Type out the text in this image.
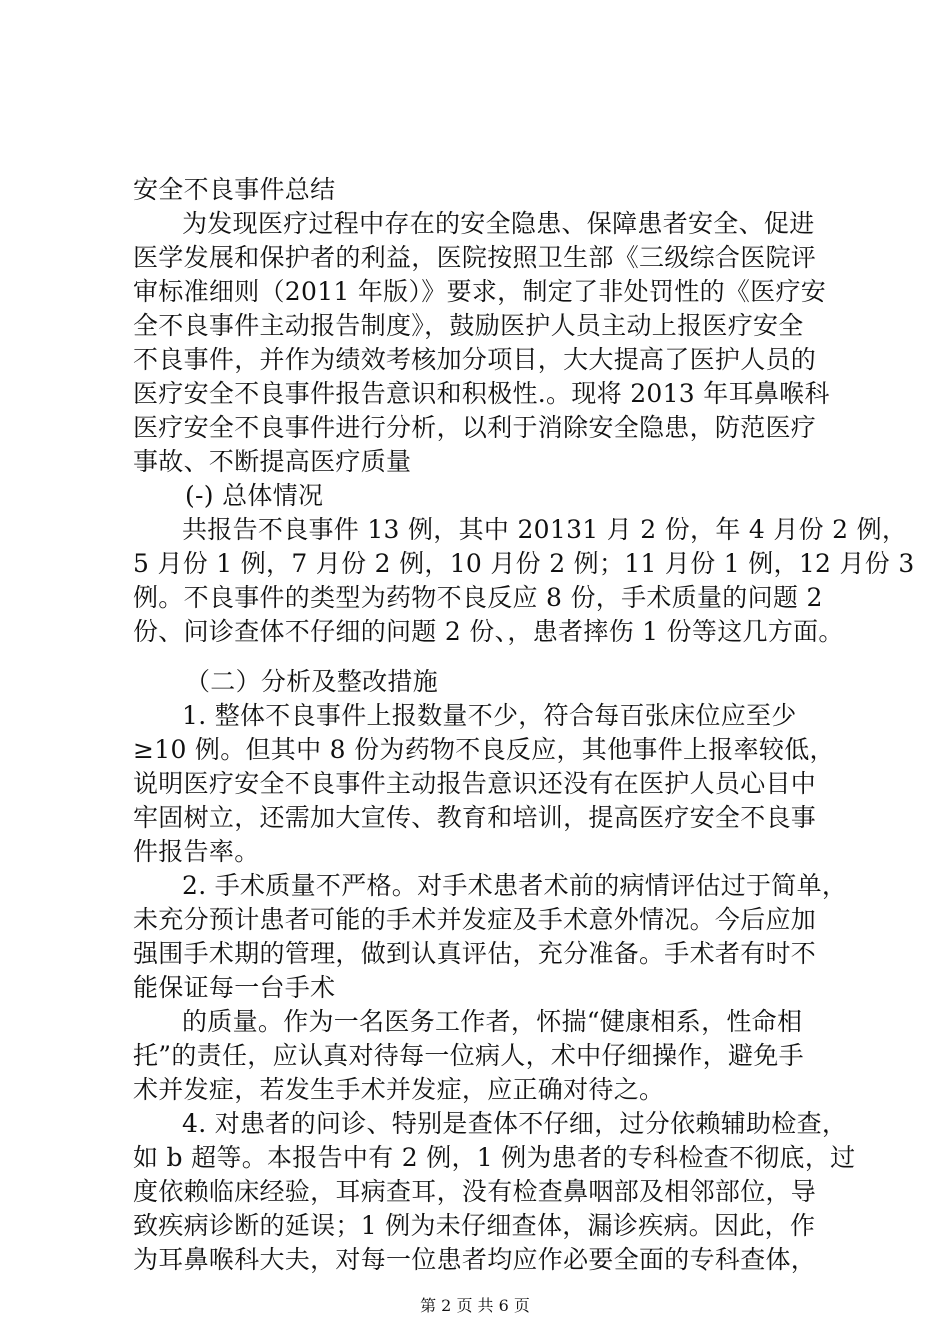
安全不良事件总结
为发现医疗过程中存在的安全隐患、保障患者安全、促进
医学发展和保护者的利益，医院按照卫生部《三级综合医院评
审标准细则（2011 年版）》要求，制定了非处罚性的《医疗安
全不良事件主动报告制度》，鼓励医护人员主动上报医疗安全
不良事件，并作为绩效考核加分项目，大大提高了医护人员的
医疗安全不良事件报告意识和积极性.。现将 2013 年耳鼻喉科
医疗安全不良事件进行分析，以利于消除安全隐患，防范医疗
事故、不断提高医疗质量
(-) 总体情况
共报告不良事件 13 例，其中 20131 月 2 份，年 4 月份 2 例，
5 月份 1 例，7 月份 2 例，10 月份 2 例；11 月份 1 例，12 月份 3
例。不良事件的类型为药物不良反应 8 份，手术质量的问题 2
份、问诊查体不仔细的问题 2 份、，患者摔伤 1 份等这几方面。
（二）分析及整改措施
1. 整体不良事件上报数量不少，符合每百张床位应至少
≥10 例。但其中 8 份为药物不良反应，其他事件上报率较低，
说明医疗安全不良事件主动报告意识还没有在医护人员心目中
牢固树立，还需加大宣传、教育和培训，提高医疗安全不良事
件报告率。
2. 手术质量不严格。对手术患者术前的病情评估过于简单，
未充分预计患者可能的手术并发症及手术意外情况。今后应加
强围手术期的管理，做到认真评估，充分准备。手术者有时不
能保证每一台手术
的质量。作为一名医务工作者，怀揣“健康相系，性命相
托”的责任，应认真对待每一位病人，术中仔细操作，避免手
术并发症，若发生手术并发症，应正确对待之。
4. 对患者的问诊、特别是查体不仔细，过分依赖辅助检查，
如 b 超等。本报告中有 2 例，1 例为患者的专科检查不彻底，过
度依赖临床经验，耳病查耳，没有检查鼻咽部及相邻部位，导
致疾病诊断的延误；1 例为未仔细查体，漏诊疾病。因此，作
为耳鼻喉科大夫，对每一位患者均应作必要全面的专科查体，
第 2 页 共 6 页
